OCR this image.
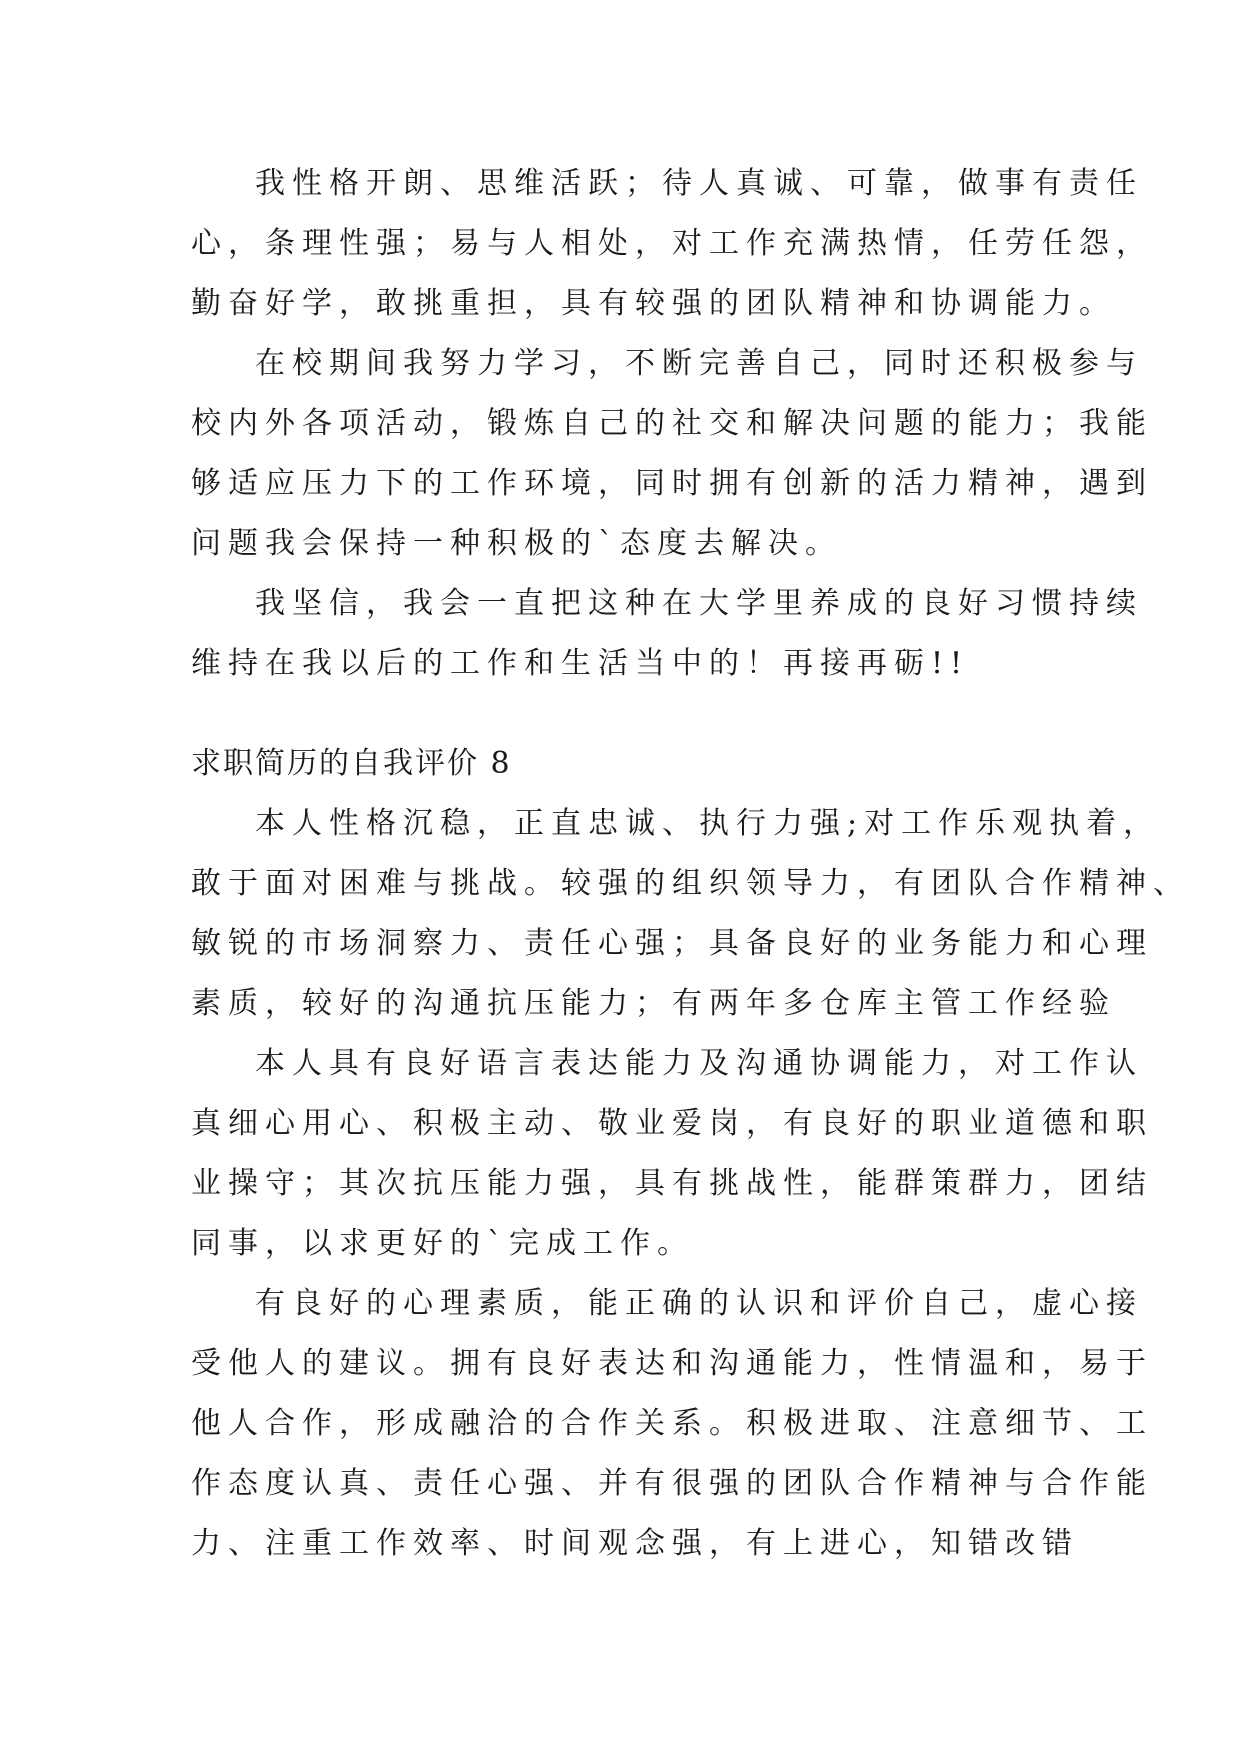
我性格开朗、思维活跃；待人真诚、可靠，做事有责任

心，条理性强；易与人相处，对工作充满热情，任劳任怨，

勤奋好学，敢挑重担，具有较强的团队精神和协调能力。

在校期间我努力学习，不断完善自己，同时还积极参与

校内外各项活动，锻炼自己的社交和解决问题的能力；我能

够适应压力下的工作环境，同时拥有创新的活力精神，遇到

问题我会保持一种积极的`态度去解决。

我坚信，我会一直把这种在大学里养成的良好习惯持续

维持在我以后的工作和生活当中的！再接再砺!!

求职简历的自我评价 8

本人性格沉稳，正直忠诚、执行力强;对工作乐观执着，

敢于面对困难与挑战。较强的组织领导力，有团队合作精神、

敏锐的市场洞察力、责任心强；具备良好的业务能力和心理

素质，较好的沟通抗压能力；有两年多仓库主管工作经验

本人具有良好语言表达能力及沟通协调能力，对工作认

真细心用心、积极主动、敬业爱岗，有良好的职业道德和职

业操守；其次抗压能力强，具有挑战性，能群策群力，团结

同事，以求更好的`完成工作。

有良好的心理素质，能正确的认识和评价自己，虚心接

受他人的建议。拥有良好表达和沟通能力，性情温和，易于

他人合作，形成融洽的合作关系。积极进取、注意细节、工

作态度认真、责任心强、并有很强的团队合作精神与合作能

力、注重工作效率、时间观念强，有上进心，知错改错
